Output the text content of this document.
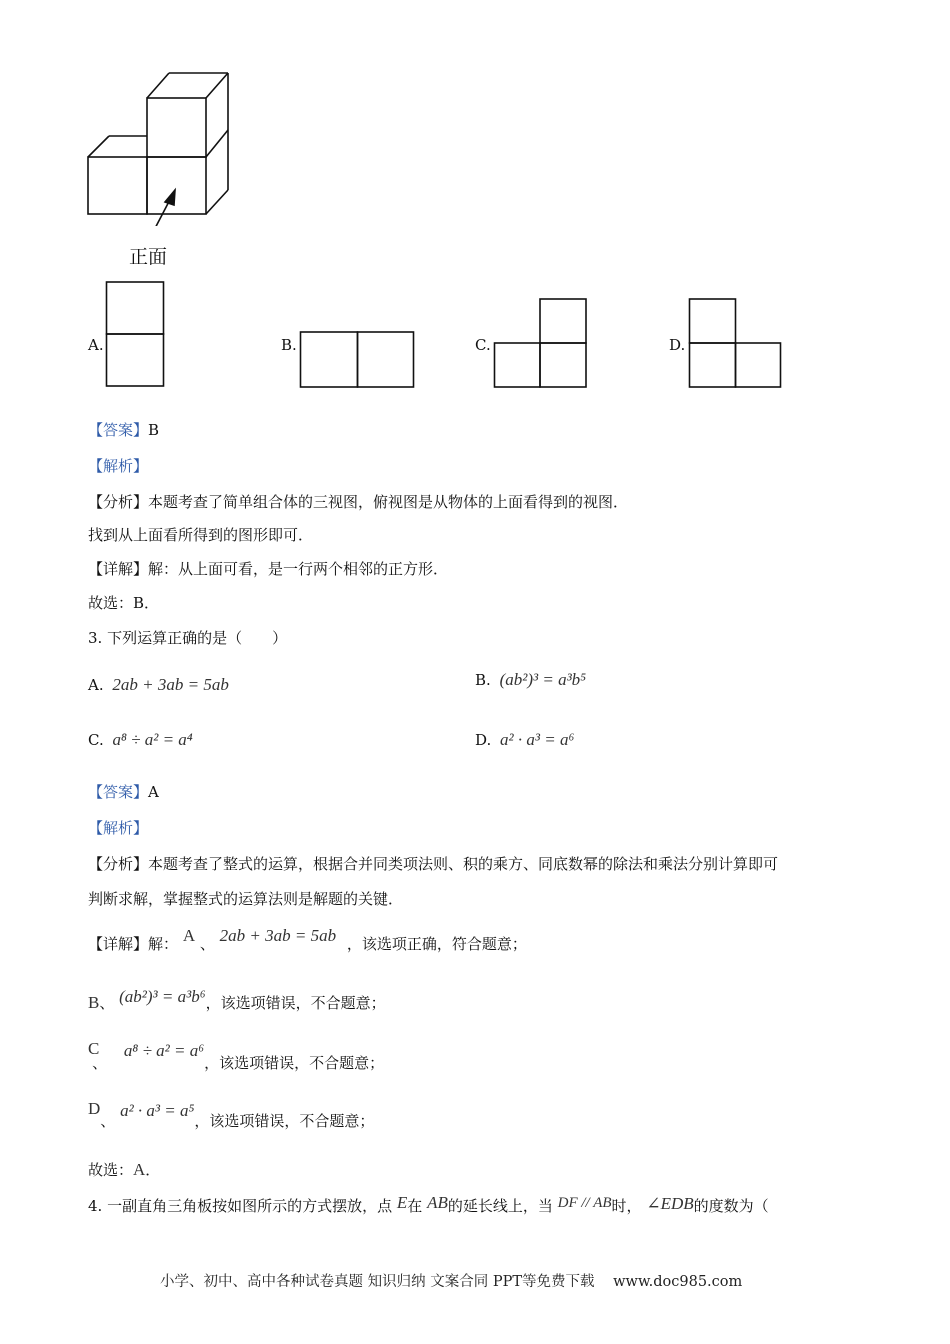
正面
A.	B.	C.	D.
【答案】B
【解析】
【分析】本题考查了简单组合体的三视图，俯视图是从物体的上面看得到的视图．
找到从上面看所得到的图形即可．
【详解】解：从上面可看，是一行两个相邻的正方形．
故选：B．
3. 下列运算正确的是（　　）
A. 2ab + 3ab = 5ab	B. (ab²)³ = a³b⁵
C. a⁸ ÷ a² = a⁴	D. a² · a³ = a⁶
【答案】A
【解析】
【分析】本题考查了整式的运算，根据合并同类项法则、积的乘方、同底数幂的除法和乘法分别计算即可
判断求解，掌握整式的运算法则是解题的关键．
【详解】解： A 、 2ab + 3ab = 5ab ，该选项正确，符合题意；
B、 (ab²)³ = a³b⁶，该选项错误，不合题意；
C 、 a⁸ ÷ a² = a⁶，该选项错误，不合题意；
D、 a² · a³ = a⁵，该选项错误，不合题意；
故选：A．
4. 一副直角三角板按如图所示的方式摆放，点 E在 AB的延长线上，当 DF // AB时， ∠EDB的度数为（
小学、初中、高中各种试卷真题 知识归纳 文案合同 PPT等免费下载 www.doc985.com
